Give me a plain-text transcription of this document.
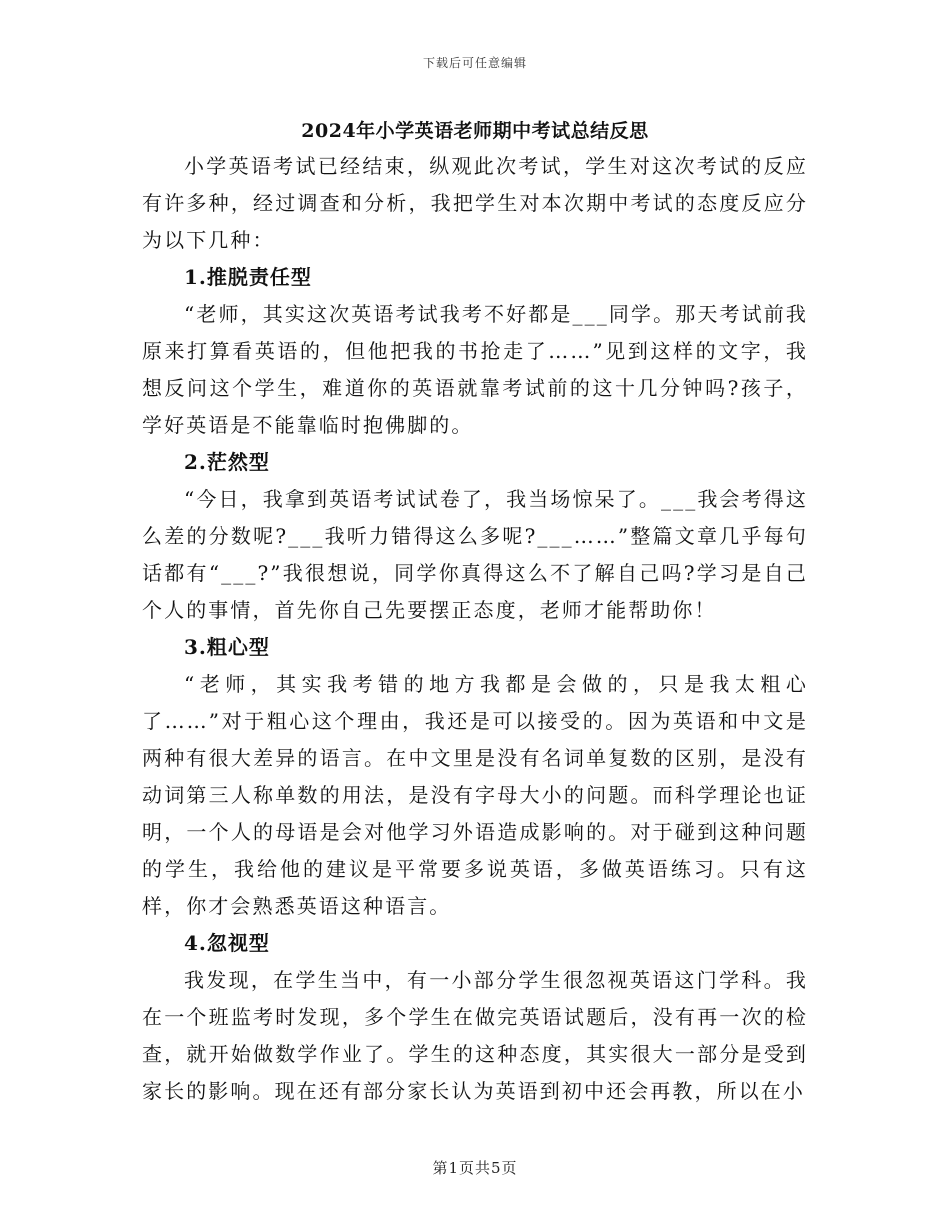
下载后可任意编辑
2024年小学英语老师期中考试总结反思

小学英语考试已经结束，纵观此次考试，学生对这次考试的反应有许多种，经过调查和分析，我把学生对本次期中考试的态度反应分为以下几种：

1.推脱责任型

“老师，其实这次英语考试我考不好都是___同学。那天考试前我原来打算看英语的，但他把我的书抢走了……”见到这样的文字，我想反问这个学生，难道你的英语就靠考试前的这十几分钟吗?孩子，学好英语是不能靠临时抱佛脚的。

2.茫然型

“今日，我拿到英语考试试卷了，我当场惊呆了。___我会考得这么差的分数呢?___我听力错得这么多呢?___……”整篇文章几乎每句话都有“___?”我很想说，同学你真得这么不了解自己吗?学习是自己个人的事情，首先你自己先要摆正态度，老师才能帮助你！

3.粗心型

“老师，其实我考错的地方我都是会做的，只是我太粗心了……”对于粗心这个理由，我还是可以接受的。因为英语和中文是两种有很大差异的语言。在中文里是没有名词单复数的区别，是没有动词第三人称单数的用法，是没有字母大小的问题。而科学理论也证明，一个人的母语是会对他学习外语造成影响的。对于碰到这种问题的学生，我给他的建议是平常要多说英语，多做英语练习。只有这样，你才会熟悉英语这种语言。

4.忽视型

我发现，在学生当中，有一小部分学生很忽视英语这门学科。我在一个班监考时发现，多个学生在做完英语试题后，没有再一次的检查，就开始做数学作业了。学生的这种态度，其实很大一部分是受到家长的影响。现在还有部分家长认为英语到初中还会再教，所以在小

第1页共5页
